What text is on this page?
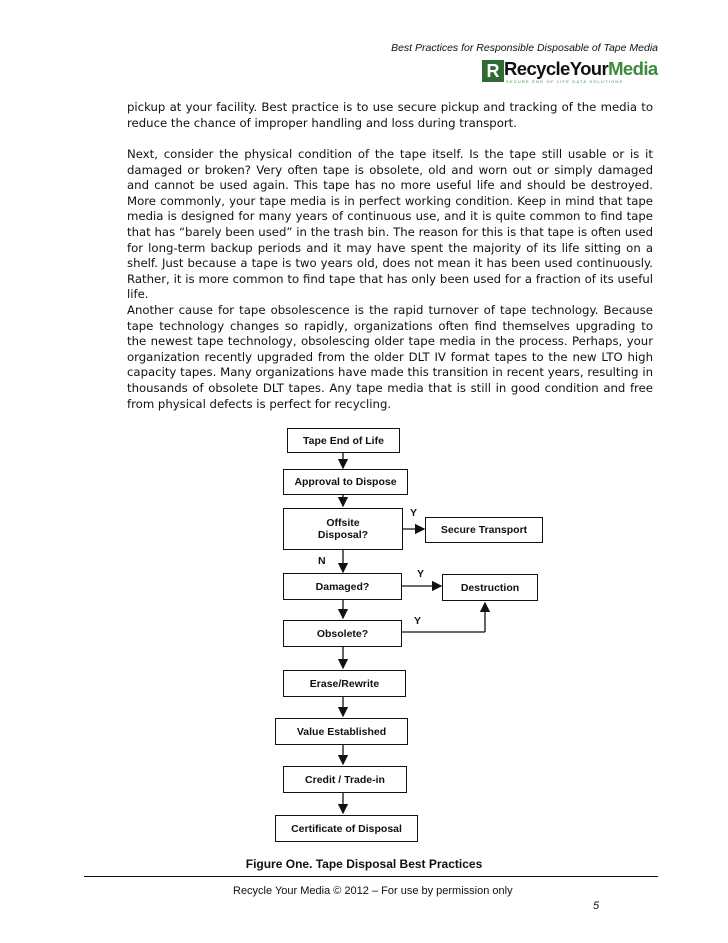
Best Practices for Responsible Disposable of Tape Media
R RecycleYourMedia
SECURE END OF LIFE DATA SOLUTIONS

pickup at your facility. Best practice is to use secure pickup and tracking of the media to reduce the chance of improper handling and loss during transport.

Next, consider the physical condition of the tape itself. Is the tape still usable or is it damaged or broken? Very often tape is obsolete, old and worn out or simply damaged and cannot be used again. This tape has no more useful life and should be destroyed. More commonly, your tape media is in perfect working condition. Keep in mind that tape media is designed for many years of continuous use, and it is quite common to find tape that has “barely been used” in the trash bin. The reason for this is that tape is often used for long-term backup periods and it may have spent the majority of its life sitting on a shelf. Just because a tape is two years old, does not mean it has been used continuously. Rather, it is more common to find tape that has only been used for a fraction of its useful life.

Another cause for tape obsolescence is the rapid turnover of tape technology. Because tape technology changes so rapidly, organizations often find themselves upgrading to the newest tape technology, obsolescing older tape media in the process. Perhaps, your organization recently upgraded from the older DLT IV format tapes to the new LTO high capacity tapes. Many organizations have made this transition in recent years, resulting in thousands of obsolete DLT tapes. Any tape media that is still in good condition and free from physical defects is perfect for recycling.

Tape End of Life
Approval to Dispose
Offsite Disposal?	Secure Transport
Damaged?	Destruction
Obsolete?
Erase/Rewrite
Value Established
Credit / Trade-in
Certificate of Disposal
Y
N
Y
Y
Figure One. Tape Disposal Best Practices
Recycle Your Media © 2012 – For use by permission only
5
